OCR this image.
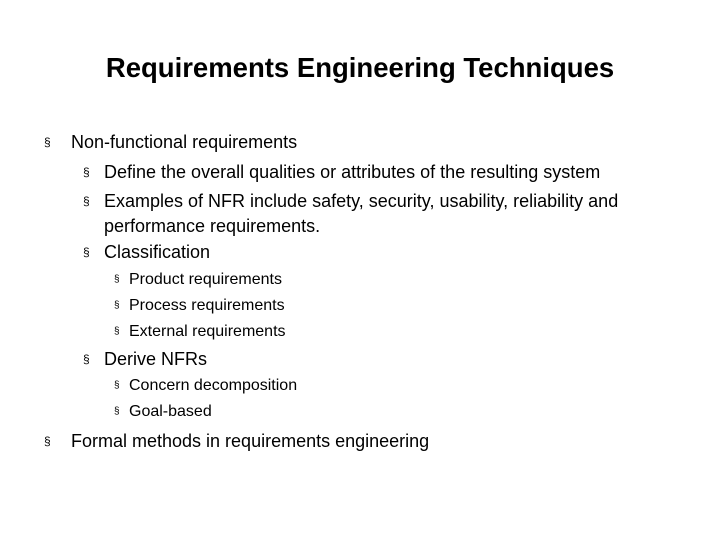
Requirements Engineering Techniques
§ Non-functional requirements
§ Define the overall qualities or attributes of the resulting system
§ Examples of NFR include safety, security, usability, reliability and
performance requirements.
§ Classification
§ Product requirements
§ Process requirements
§ External requirements
§ Derive NFRs
§ Concern decomposition
§ Goal-based
§ Formal methods in requirements engineering
